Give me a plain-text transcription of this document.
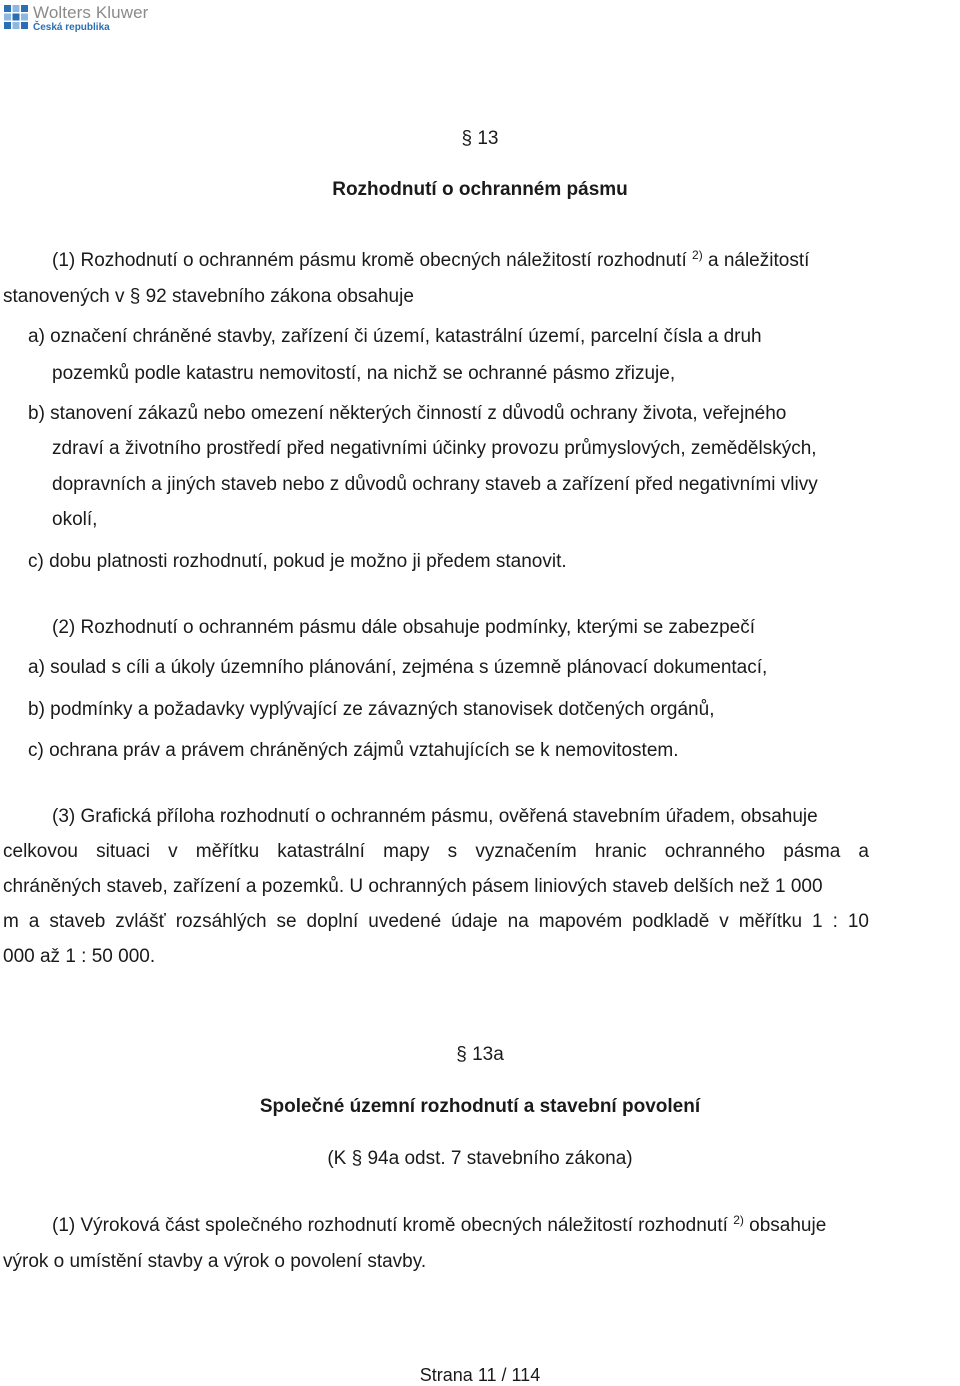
Wolters Kluwer
Česká republika
§ 13
Rozhodnutí o ochranném pásmu
(1) Rozhodnutí o ochranném pásmu kromě obecných náležitostí rozhodnutí $^{2)}$ a náležitostí
stanovených v § 92 stavebního zákona obsahuje
a) označení chráněné stavby, zařízení či území, katastrální území, parcelní čísla a druh
pozemků podle katastru nemovitostí, na nichž se ochranné pásmo zřizuje,
b) stanovení zákazů nebo omezení některých činností z důvodů ochrany života, veřejného
zdraví a životního prostředí před negativními účinky provozu průmyslových, zemědělských,
dopravních a jiných staveb nebo z důvodů ochrany staveb a zařízení před negativními vlivy
okolí,
c) dobu platnosti rozhodnutí, pokud je možno ji předem stanovit.
(2) Rozhodnutí o ochranném pásmu dále obsahuje podmínky, kterými se zabezpečí
a) soulad s cíli a úkoly územního plánování, zejména s územně plánovací dokumentací,
b) podmínky a požadavky vyplývající ze závazných stanovisek dotčených orgánů,
c) ochrana práv a právem chráněných zájmů vztahujících se k nemovitostem.
(3) Grafická příloha rozhodnutí o ochranném pásmu, ověřená stavebním úřadem, obsahuje
celkovou situaci v měřítku katastrální mapy s vyznačením hranic ochranného pásma a
chráněných staveb, zařízení a pozemků. U ochranných pásem liniových staveb delších než 1 000
m a staveb zvlášť rozsáhlých se doplní uvedené údaje na mapovém podkladě v měřítku 1 : 10
000 až 1 : 50 000.
§ 13a
Společné územní rozhodnutí a stavební povolení
(K § 94a odst. 7 stavebního zákona)
(1) Výroková část společného rozhodnutí kromě obecných náležitostí rozhodnutí $^{2)}$ obsahuje
výrok o umístění stavby a výrok o povolení stavby.
Strana 11 / 114
